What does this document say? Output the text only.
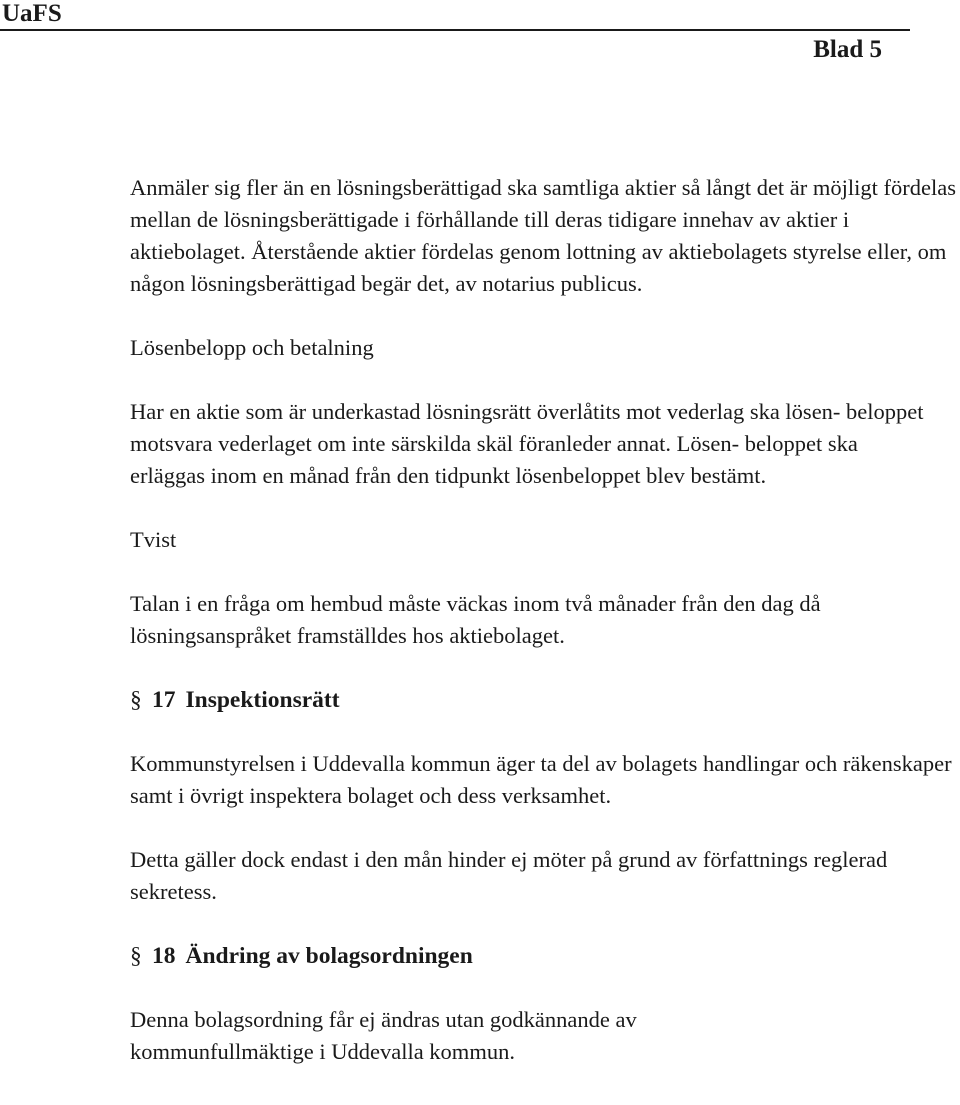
UaFS
Blad 5

Anmäler sig fler än en lösningsberättigad ska samtliga aktier så långt det är möjligt fördelas mellan de lösningsberättigade i förhållande till deras tidigare innehav av aktier i aktiebolaget. Återstående aktier fördelas genom lottning av aktiebolagets styrelse eller, om någon lösningsberättigad begär det, av notarius publicus.

Lösenbelopp och betalning

Har en aktie som är underkastad lösningsrätt överlåtits mot vederlag ska lösen- beloppet motsvara vederlaget om inte särskilda skäl föranleder annat. Lösen- beloppet ska erläggas inom en månad från den tidpunkt lösenbeloppet blev bestämt.

Tvist

Talan i en fråga om hembud måste väckas inom två månader från den dag då lösningsanspråket framställdes hos aktiebolaget.

§ 17 Inspektionsrätt

Kommunstyrelsen i Uddevalla kommun äger ta del av bolagets handlingar och räkenskaper samt i övrigt inspektera bolaget och dess verksamhet.

Detta gäller dock endast i den mån hinder ej möter på grund av författnings reglerad sekretess.

§ 18 Ändring av bolagsordningen

Denna bolagsordning får ej ändras utan godkännande av kommunfullmäktige i Uddevalla kommun.
